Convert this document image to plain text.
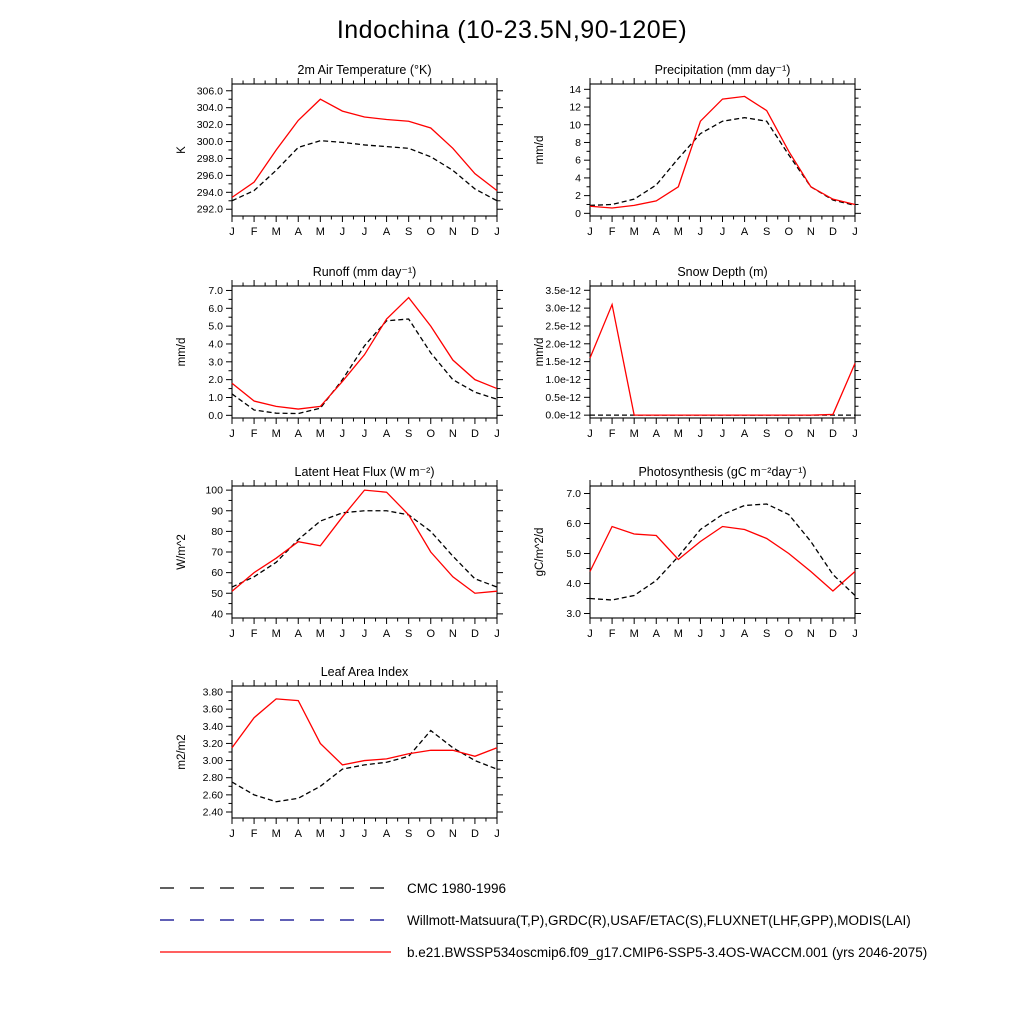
Indochina (10-23.5N,90-120E)
292.0
294.0
296.0
298.0
300.0
302.0
304.0
306.0
J F M A M J J A S O N D J
2m Air Temperature (°K)
K
0
2
4
6
8
10
12
14
J F M A M J J A S O N D J
Precipitation (mm day⁻¹)
mm/d
0.0
1.0
2.0
3.0
4.0
5.0
6.0
7.0
J F M A M J J A S O N D J
Runoff (mm day⁻¹)
mm/d
0.0e-12
0.5e-12
1.0e-12
1.5e-12
2.0e-12
2.5e-12
3.0e-12
3.5e-12
J F M A M J J A S O N D J
Snow Depth (m)
mm/d
40
50
60
70
80
90
100
J F M A M J J A S O N D J
Latent Heat Flux (W m⁻²)
W/m^2
3.0
4.0
5.0
6.0
7.0
J F M A M J J A S O N D J
Photosynthesis (gC m⁻²day⁻¹)
gC/m^2/d
2.40
2.60
2.80
3.00
3.20
3.40
3.60
3.80
J F M A M J J A S O N D J
Leaf Area Index
m2/m2
CMC 1980-1996
Willmott-Matsuura(T,P),GRDC(R),USAF/ETAC(S),FLUXNET(LHF,GPP),MODIS(LAI)
b.e21.BWSSP534oscmip6.f09_g17.CMIP6-SSP5-3.4OS-WACCM.001 (yrs 2046-2075)
